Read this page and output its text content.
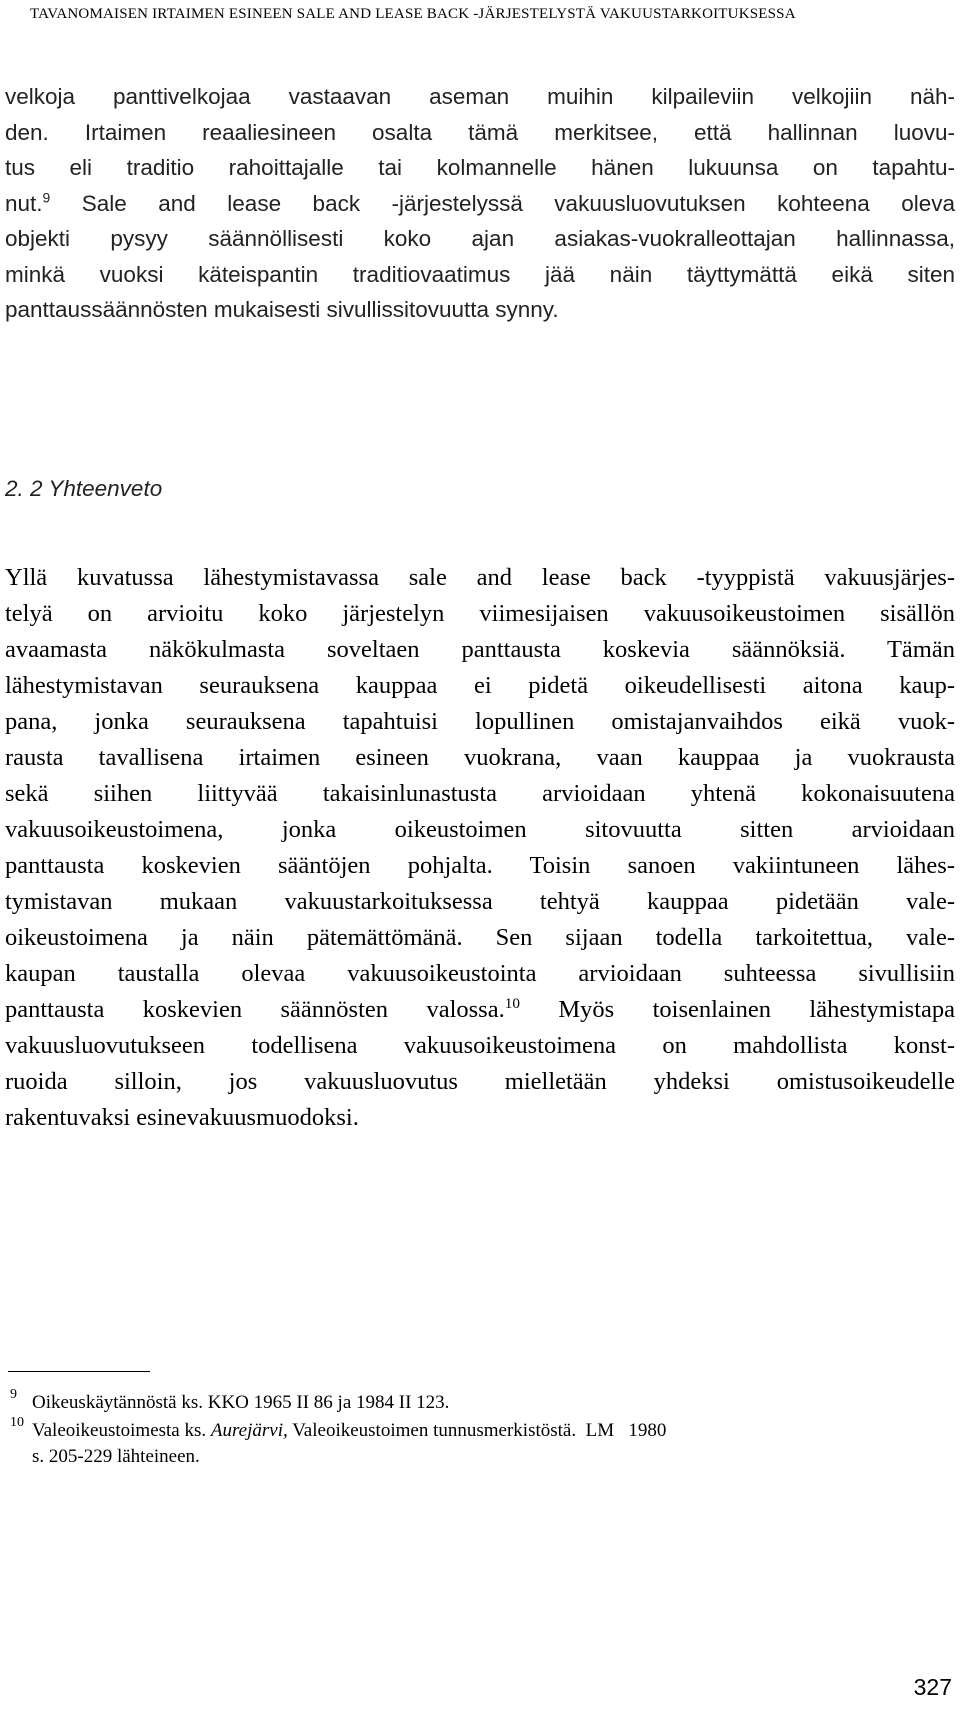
TAVANOMAISEN IRTAIMEN ESINEEN SALE AND LEASE BACK -JÄRJESTELYSTÄ VAKUUSTARKOITUKSESSA
velkoja panttivelkojaa vastaavan aseman muihin kilpaileviin velkojiin näh-
den. Irtaimen reaaliesineen osalta tämä merkitsee, että hallinnan luovu-
tus eli traditio rahoittajalle tai kolmannelle hänen lukuunsa on tapahtu-
nut.$^9$ Sale and lease back -järjestelyssä vakuusluovutuksen kohteena oleva
objekti pysyy säännöllisesti koko ajan asiakas-vuokralleottajan hallinnassa,
minkä vuoksi käteispantin traditiovaatimus jää näin täyttymättä eikä siten
panttaussäännösten mukaisesti sivullissitovuutta synny.
2. 2 Yhteenveto
Yllä kuvatussa lähestymistavassa sale and lease back -tyyppistä vakuusjärjes-
telyä on arvioitu koko järjestelyn viimesijaisen vakuusoikeustoimen sisällön
avaamasta näkökulmasta soveltaen panttausta koskevia säännöksiä. Tämän
lähestymistavan seurauksena kauppaa ei pidetä oikeudellisesti aitona kaup-
pana, jonka seurauksena tapahtuisi lopullinen omistajanvaihdos eikä vuok-
rausta tavallisena irtaimen esineen vuokrana, vaan kauppaa ja vuokrausta
sekä siihen liittyvää takaisinlunastusta arvioidaan yhtenä kokonaisuutena
vakuusoikeustoimena, jonka oikeustoimen sitovuutta sitten arvioidaan
panttausta koskevien sääntöjen pohjalta. Toisin sanoen vakiintuneen lähes-
tymistavan mukaan vakuustarkoituksessa tehtyä kauppaa pidetään vale-
oikeustoimena ja näin pätemättömänä. Sen sijaan todella tarkoitettua, vale-
kaupan taustalla olevaa vakuusoikeustointa arvioidaan suhteessa sivullisiin
panttausta koskevien säännösten valossa.$^{10}$ Myös toisenlainen lähestymistapa
vakuusluovutukseen todellisena vakuusoikeustoimena on mahdollista konst-
ruoida silloin, jos vakuusluovutus mielletään yhdeksi omistusoikeudelle
rakentuvaksi esinevakuusmuodoksi.
9 Oikeuskäytännöstä ks. KKO 1965 II 86 ja 1984 II 123.
10 Valeoikeustoimesta ks. Aurejärvi, Valeoikeustoimen tunnusmerkistöstä.  LM   1980
s. 205-229 lähteineen.
327
